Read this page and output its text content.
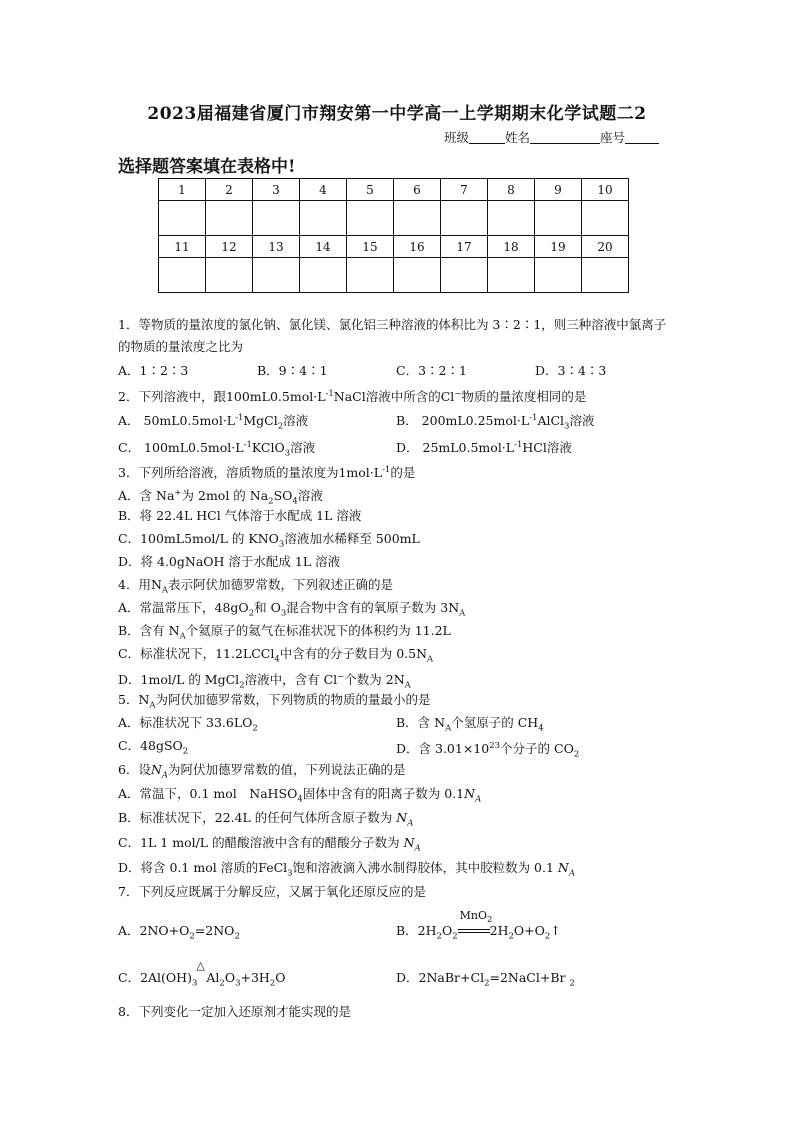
2023届福建省厦门市翔安第一中学高一上学期期末化学试题二2
班级	姓名	座号
选择题答案填在表格中!
1	2	3	4	5	6	7	8	9	10

11	12	13	14	15	16	17	18	19	20

1．等物质的量浓度的氯化钠、氯化镁、氯化铝三种溶液的体积比为 3∶2∶1，则三种溶液中氯离子的物质的量浓度之比为
A．1∶2∶3	B．9∶4∶1	C．3∶2∶1	D．3∶4∶3
2．下列溶液中，跟$100mL0.5mol\cdot L^{-1}NaCl$溶液中所含的Cl−物质的量浓度相同的是
A． $50mL0.5mol\cdot L^{-1}MgCl_2$溶液	B． $200mL0.25mol\cdot L^{-1}AlCl_3$溶液
C． $100mL0.5mol\cdot L^{-1}KClO_3$溶液	D． $25mL0.5mol\cdot L^{-1}HCl$溶液
3．下列所给溶液，溶质物质的量浓度为$1mol\cdot L^{-1}$的是
A．含 Na+为 2mol 的 $Na_2SO_4$溶液
B．将 22.4L HCl 气体溶于水配成 1L 溶液
C．100mL5mol/L 的 $KNO_3$溶液加水稀释至 500mL
D．将 4.0gNaOH 溶于水配成 1L 溶液
4．用$N_A$表示阿伏加德罗常数，下列叙述正确的是
A．常温常压下，$48gO_2$和 $O_3$混合物中含有的氧原子数为 $3N_A$
B．含有 $N_A$个氦原子的氦气在标准状况下的体积约为 11.2L
C．标准状况下，11.2LCCl$_4$中含有的分子数目为 $0.5N_A$
D．1mol/L 的 MgCl$_2$溶液中，含有 Cl−个数为 $2N_A$
5．$N_A$为阿伏加德罗常数，下列物质的物质的量最小的是
A．标准状况下 $33.6LO_2$	B．含 $N_A$个氢原子的 $CH_4$
C．48gSO$_2$	D．含 $3.01\times 10^{23}$个分子的 $CO_2$
6．设$N_A$为阿伏加德罗常数的值，下列说法正确的是
A．常温下，0.1 mol　NaHSO$_4$固体中含有的阳离子数为 $0.1N_A$
B．标准状况下，22.4L 的任何气体所含原子数为 $N_A$
C．1L 1 mol/L 的醋酸溶液中含有的醋酸分子数为 $N_A$
D．将含 0.1 mol 溶质的FeCl$_3$饱和溶液滴入沸水制得胶体，其中胶粒数为 0.1 $N_A$
7．下列反应既属于分解反应，又属于氧化还原反应的是
A．$2NO+O_2=2NO_2$	B．$2H_2O_2$
MnO$_2$
$2H_2O+O_2↑$
C．$2Al(OH)_3$
△
$Al_2O_3+3H_2O$	D．$2NaBr+Cl_2=2NaCl+Br$ $_2$
8．下列变化一定加入还原剂才能实现的是
